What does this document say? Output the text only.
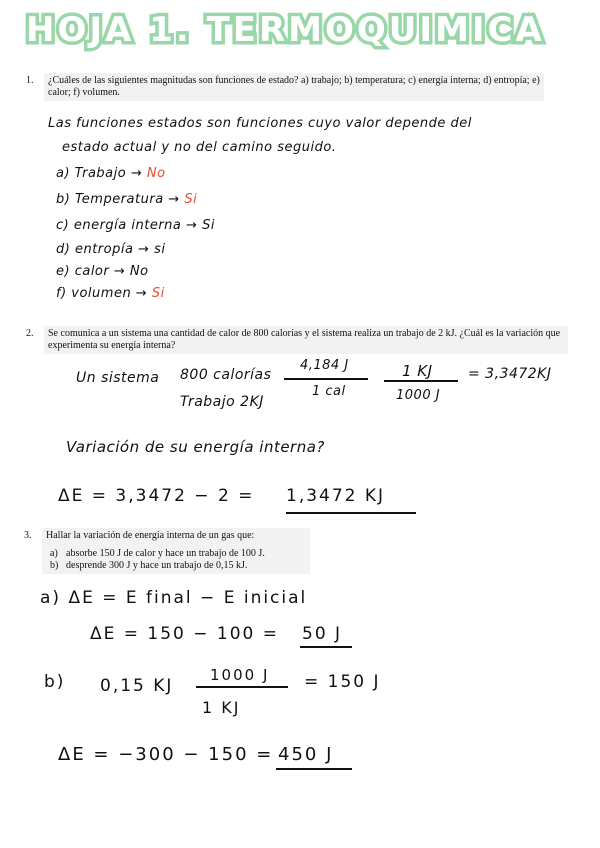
HOJA 1. TERMOQUIMICA
1. ¿Cuáles de las siguientes magnitudas son funciones de estado? a) trabajo; b) temperatura; c) energía interna; d) entropía; e) calor; f) volumen.
Las funciones estados son funciones cuyo valor depende del
estado actual y no del camino seguido.
a) Trabajo → No
b) Temperatura → Si
c) energía interna → Si
d) entropía → si
e) calor → No
f) volumen → Si
2. Se comunica a un sistema una cantidad de calor de 800 calorías y el sistema realiza un trabajo de 2 kJ. ¿Cuál es la variación que experimenta su energía interna?
Un sistema 800 calorías
4,184 J
1 cal
1 KJ
1000 J
= 3,3472KJ
Trabajo 2KJ
Variación de su energía interna?
ΔE = 3,3472 − 2 = 1,3472 KJ
3. Hallar la variación de energía interna de un gas que:
a) absorbe 150 J de calor y hace un trabajo de 100 J.
b) desprende 300 J y hace un trabajo de 0,15 kJ.
a) ΔE = E final − E inicial
ΔE = 150 − 100 = 50 J
b) 0,15 KJ
1000 J
1 KJ
= 150 J
ΔE = −300 − 150 = 450 J
